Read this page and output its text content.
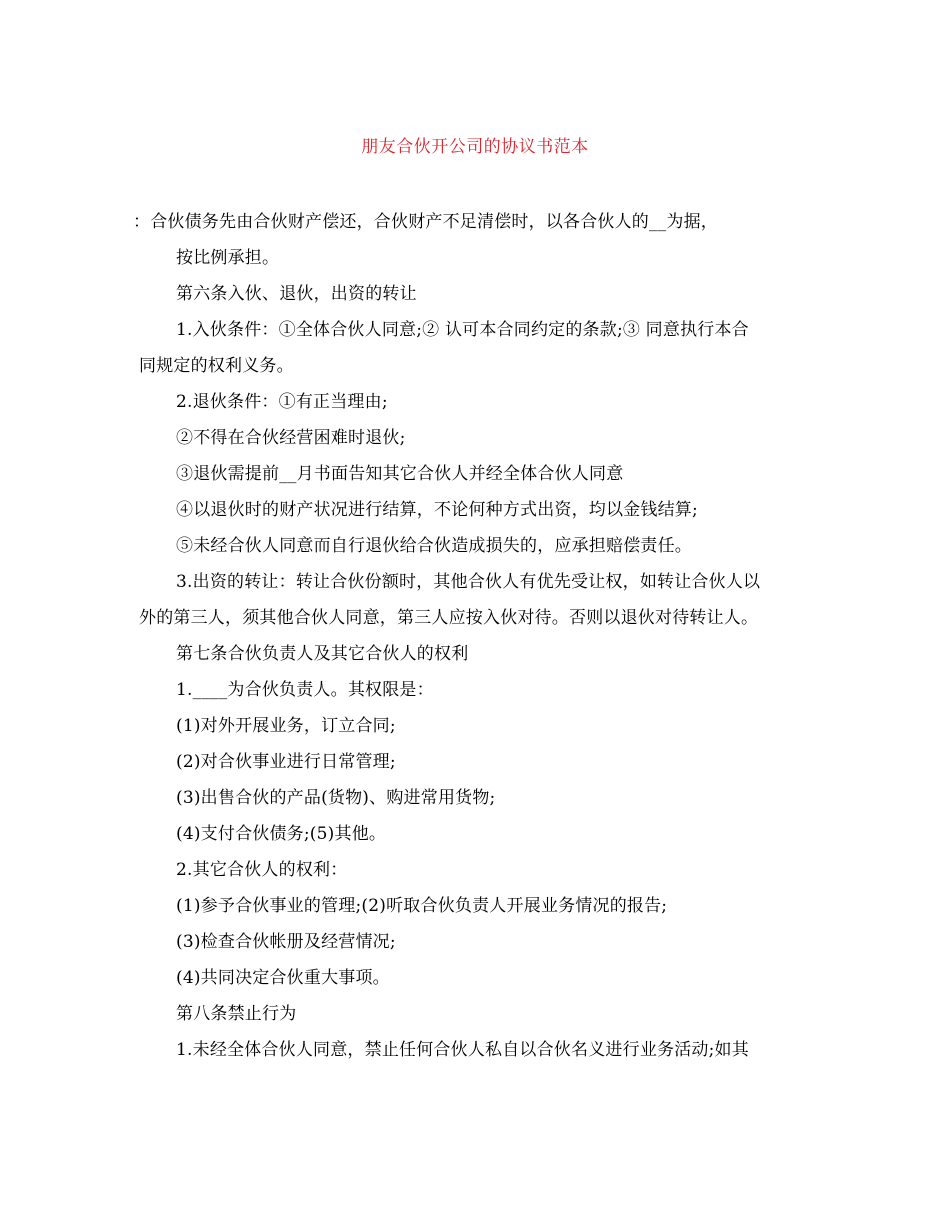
朋友合伙开公司的协议书范本

：合伙债务先由合伙财产偿还，合伙财产不足清偿时，以各合伙人的__为据，

按比例承担。

第六条入伙、退伙，出资的转让

1.入伙条件：①全体合伙人同意;② 认可本合同约定的条款;③ 同意执行本合

同规定的权利义务。

2.退伙条件：①有正当理由;

②不得在合伙经营困难时退伙;

③退伙需提前__月书面告知其它合伙人并经全体合伙人同意

④以退伙时的财产状况进行结算，不论何种方式出资，均以金钱结算;

⑤未经合伙人同意而自行退伙给合伙造成损失的，应承担赔偿责任。

3.出资的转让：转让合伙份额时，其他合伙人有优先受让权，如转让合伙人以

外的第三人，须其他合伙人同意，第三人应按入伙对待。否则以退伙对待转让人。

第七条合伙负责人及其它合伙人的权利

1.____为合伙负责人。其权限是：

(1)对外开展业务，订立合同;

(2)对合伙事业进行日常管理;

(3)出售合伙的产品(货物)、购进常用货物;

(4)支付合伙债务;(5)其他。

2.其它合伙人的权利：

(1)参予合伙事业的管理;(2)听取合伙负责人开展业务情况的报告;

(3)检查合伙帐册及经营情况;

(4)共同决定合伙重大事项。

第八条禁止行为

1.未经全体合伙人同意，禁止任何合伙人私自以合伙名义进行业务活动;如其
